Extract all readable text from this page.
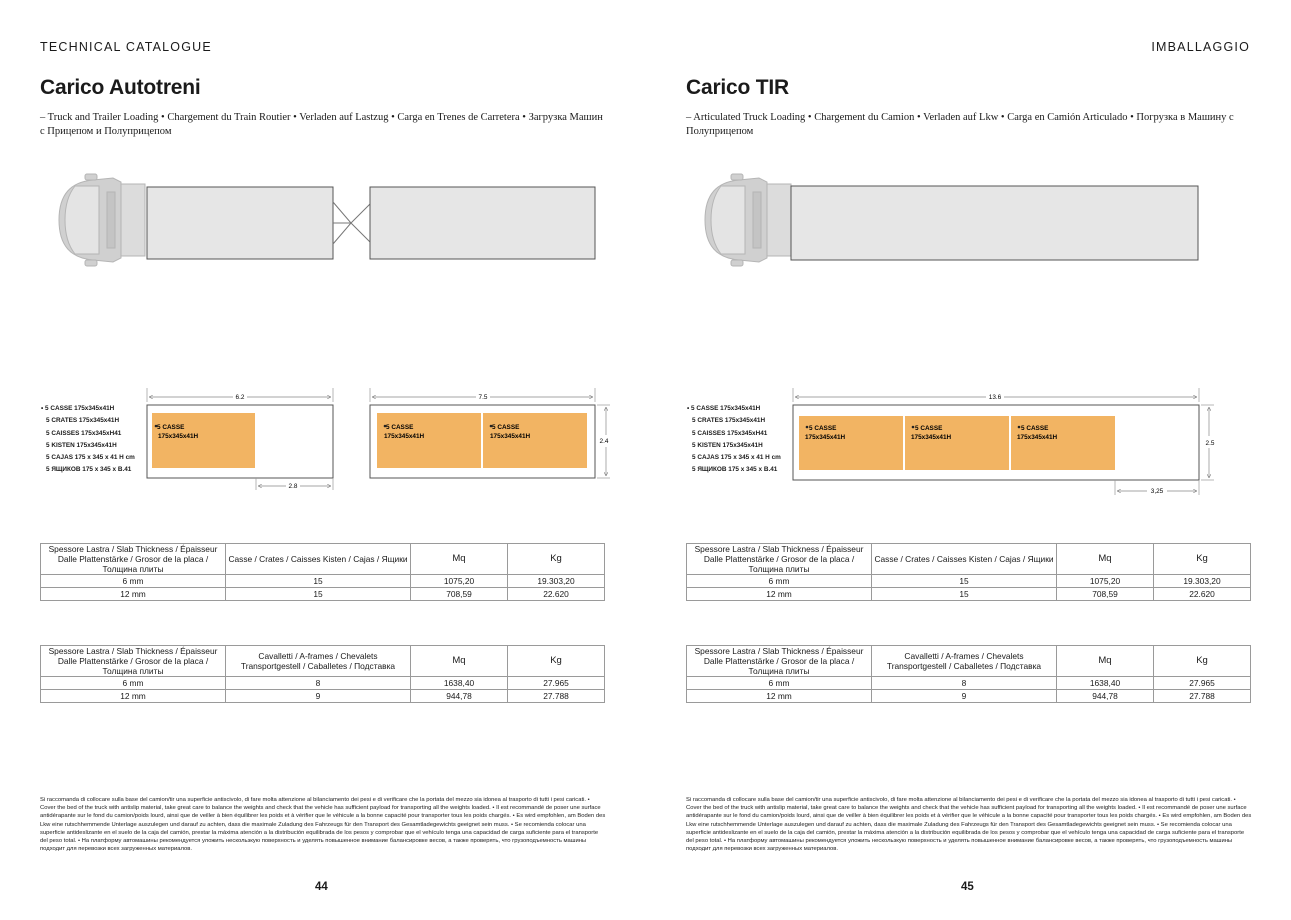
TECHNICAL CATALOGUE
Carico Autotreni
– Truck and Trailer Loading • Chargement du Train Routier • Verladen auf Lastzug • Carga en Trenes de Carretera • Загрузка Машин с Прицепом и Полуприцепом
• 5 CASSE 175x345x41H
5 CRATES 175x345x41H
5 CAISSES 175x345xH41
5 KISTEN 175x345x41H
5 CAJAS 175 x 345 x 41 H cm
5 ЯЩИКОВ 175 x 345 x В.41
6.2
5 CASSE
175x345x41H
2.8
7.5
5 CASSE
175x345x41H
5 CASSE
175x345x41H
2.4
Spessore Lastra / Slab Thickness / Épaisseur Dalle Plattenstärke / Grosor de la placa / Толщина плиты	Casse / Crates / Caisses Kisten / Cajas / Ящики	Mq	Kg
6 mm	15	1075,20	19.303,20
12 mm	15	708,59	22.620
Spessore Lastra / Slab Thickness / Épaisseur Dalle Plattenstärke / Grosor de la placa / Толщина плиты	Cavalletti / A-frames / Chevalets Transportgestell / Caballetes / Подставка	Mq	Kg
6 mm	8	1638,40	27.965
12 mm	9	944,78	27.788
Si raccomanda di collocare sulla base del camion/tir una superficie antiscivolo, di fare molta attenzione al bilanciamento dei pesi e di verificare che la portata del mezzo sia idonea al trasporto di tutti i pesi caricati. • Cover the bed of the truck with antislip material, take great care to balance the weights and check that the vehicle has sufficient payload for transporting all the weights loaded. • Il est recommandé de poser une surface antidérapante sur le fond du camion/poids lourd, ainsi que de veiller à bien équilibrer les poids et à vérifier que le véhicule a la bonne capacité pour transporter tous les poids chargés. • Es wird empfohlen, am Boden des Lkw eine rutschhemmende Unterlage auszulegen und darauf zu achten, dass die maximale Zuladung des Fahrzeugs für den Transport des Gesamtladegewichts geeignet sein muss. • Se recomienda colocar una superficie antideslizante en el suelo de la caja del camión, prestar la máxima atención a la distribución equilibrada de los pesos y comprobar que el vehículo tenga una capacidad de carga suficiente para el transporte del peso total. • На платформу автомашины рекомендуется уложить нескользкую поверхность и уделять повышенное внимание балансировке весов, а также проверять, что грузоподъемность машины подходит для перевозки всех загруженных материалов.
44
IMBALLAGGIO
Carico TIR
– Articulated Truck Loading • Chargement du Camion • Verladen auf Lkw • Carga en Camión Articulado • Погрузка в Машину с Полуприцепом
• 5 CASSE 175x345x41H
5 CRATES 175x345x41H
5 CAISSES 175x345xH41
5 KISTEN 175x345x41H
5 CAJAS 175 x 345 x 41 H cm
5 ЯЩИКОВ 175 x 345 x В.41
13.6
5 CASSE
175x345x41H
5 CASSE
175x345x41H
5 CASSE
175x345x41H
3,25
2.5
Spessore Lastra / Slab Thickness / Épaisseur Dalle Plattenstärke / Grosor de la placa / Толщина плиты	Casse / Crates / Caisses Kisten / Cajas / Ящики	Mq	Kg
6 mm	15	1075,20	19.303,20
12 mm	15	708,59	22.620
Spessore Lastra / Slab Thickness / Épaisseur Dalle Plattenstärke / Grosor de la placa / Толщина плиты	Cavalletti / A-frames / Chevalets Transportgestell / Caballetes / Подставка	Mq	Kg
6 mm	8	1638,40	27.965
12 mm	9	944,78	27.788
Si raccomanda di collocare sulla base del camion/tir una superficie antiscivolo, di fare molta attenzione al bilanciamento dei pesi e di verificare che la portata del mezzo sia idonea al trasporto di tutti i pesi caricati. • Cover the bed of the truck with antislip material, take great care to balance the weights and check that the vehicle has sufficient payload for transporting all the weights loaded. • Il est recommandé de poser une surface antidérapante sur le fond du camion/poids lourd, ainsi que de veiller à bien équilibrer les poids et à vérifier que le véhicule a la bonne capacité pour transporter tous les poids chargés. • Es wird empfohlen, am Boden des Lkw eine rutschhemmende Unterlage auszulegen und darauf zu achten, dass die maximale Zuladung des Fahrzeugs für den Transport des Gesamtladegewichts geeignet sein muss. • Se recomienda colocar una superficie antideslizante en el suelo de la caja del camión, prestar la máxima atención a la distribución equilibrada de los pesos y comprobar que el vehículo tenga una capacidad de carga suficiente para el transporte del peso total. • На платформу автомашины рекомендуется уложить нескользкую поверхность и уделять повышенное внимание балансировке весов, а также проверять, что грузоподъемность машины подходит для перевозки всех загруженных материалов.
45
